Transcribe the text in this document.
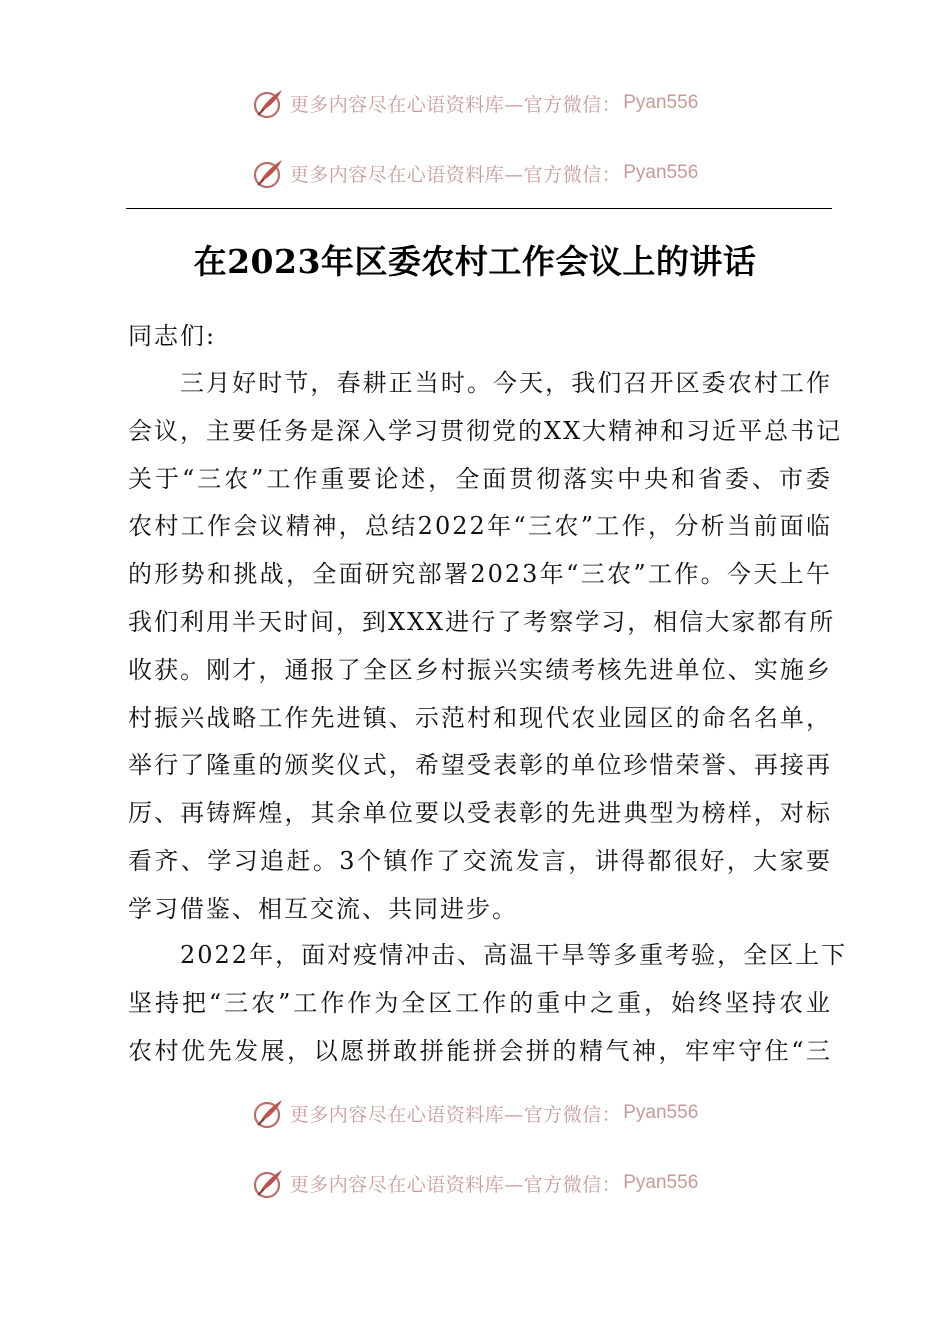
更多内容尽在心语资料库—官方微信： Pyan556
更多内容尽在心语资料库—官方微信： Pyan556
在2023年区委农村工作会议上的讲话
同志们:
三月好时节，春耕正当时。今天，我们召开区委农村工作
会议，主要任务是深入学习贯彻党的XX大精神和习近平总书记
关于“三农”工作重要论述，全面贯彻落实中央和省委、市委
农村工作会议精神，总结2022年“三农”工作，分析当前面临
的形势和挑战，全面研究部署2023年“三农”工作。今天上午
我们利用半天时间，到XXX进行了考察学习，相信大家都有所
收获。刚才，通报了全区乡村振兴实绩考核先进单位、实施乡
村振兴战略工作先进镇、示范村和现代农业园区的命名名单，
举行了隆重的颁奖仪式，希望受表彰的单位珍惜荣誉、再接再
厉、再铸辉煌，其余单位要以受表彰的先进典型为榜样，对标
看齐、学习追赶。3个镇作了交流发言，讲得都很好，大家要
学习借鉴、相互交流、共同进步。
2022年，面对疫情冲击、高温干旱等多重考验，全区上下
坚持把“三农”工作作为全区工作的重中之重，始终坚持农业
农村优先发展，以愿拼敢拼能拼会拼的精气神，牢牢守住“三
更多内容尽在心语资料库—官方微信： Pyan556
更多内容尽在心语资料库—官方微信： Pyan556
